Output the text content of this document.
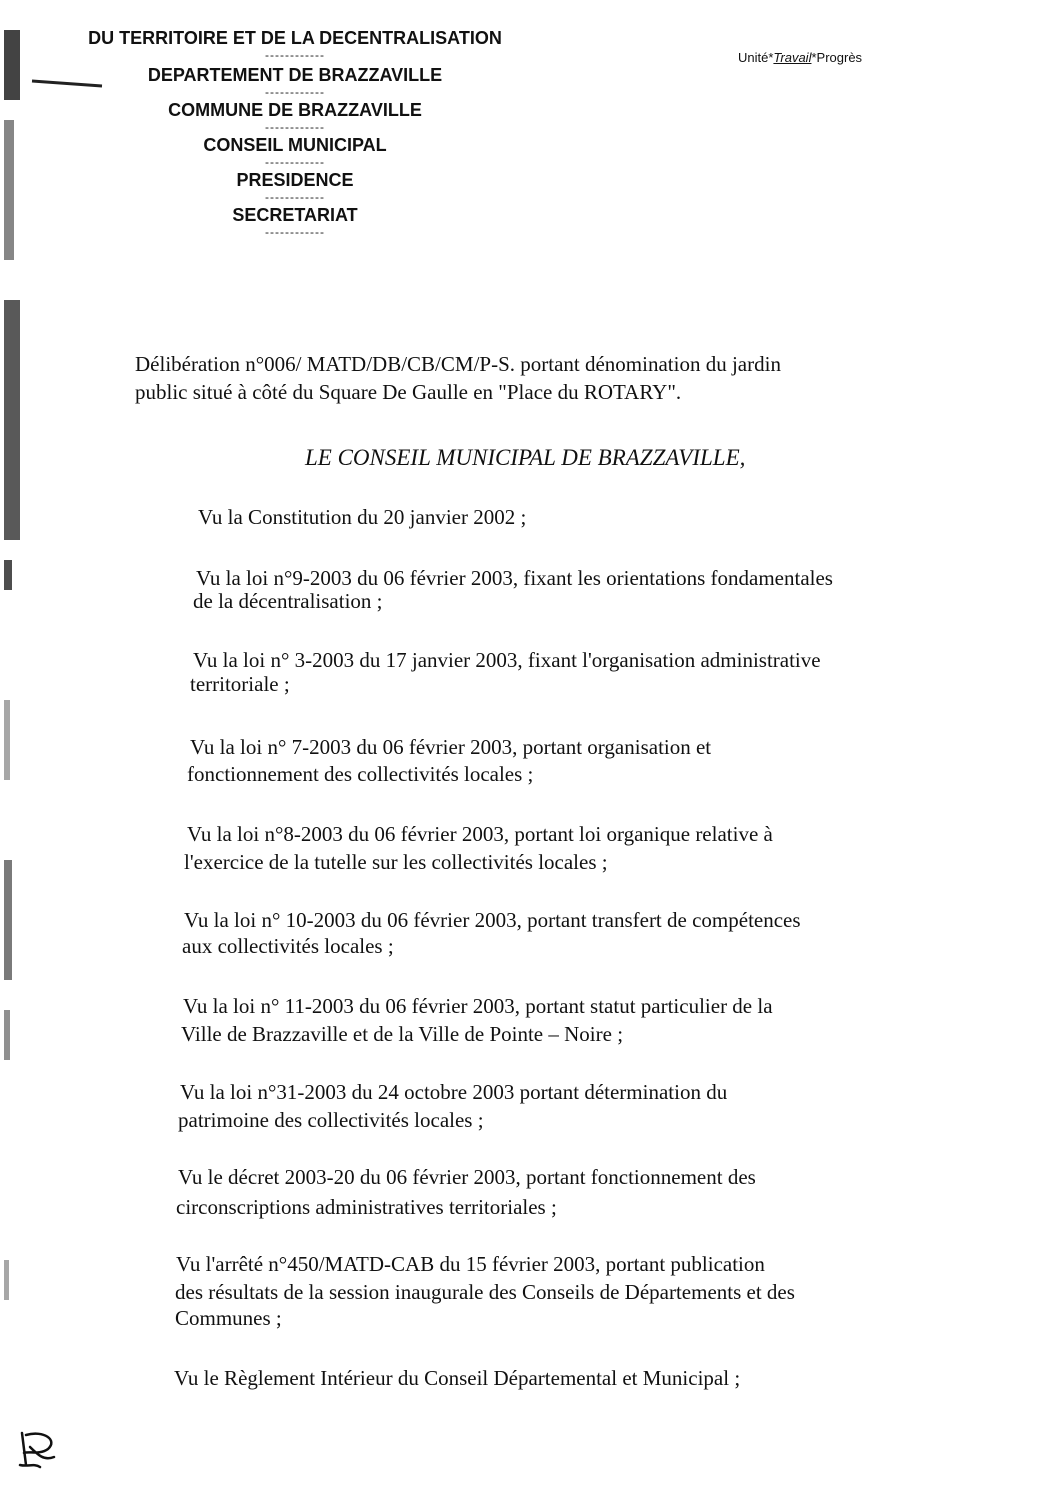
DU TERRITOIRE ET DE LA DECENTRALISATION
------------
DEPARTEMENT DE BRAZZAVILLE
------------
COMMUNE DE BRAZZAVILLE
------------
CONSEIL MUNICIPAL
------------
PRESIDENCE
------------
SECRETARIAT
------------
Unité*Travail*Progrès
Délibération n°006/ MATD/DB/CB/CM/P-S. portant dénomination du jardin
public situé à côté du Square De Gaulle en "Place du ROTARY".
LE CONSEIL MUNICIPAL DE BRAZZAVILLE,
Vu la Constitution du 20 janvier 2002 ;
Vu la loi n°9-2003 du 06 février 2003, fixant les orientations fondamentales
de la décentralisation ;
Vu la loi n° 3-2003 du 17 janvier 2003, fixant l'organisation administrative
territoriale ;
Vu la loi n° 7-2003 du 06 février 2003, portant organisation et
fonctionnement des collectivités locales ;
Vu la loi n°8-2003 du 06 février 2003, portant loi organique relative à
l'exercice de la tutelle sur les collectivités locales ;
Vu la loi n° 10-2003 du 06 février 2003, portant transfert de compétences
aux collectivités locales ;
Vu la loi n° 11-2003 du 06 février 2003, portant statut particulier de la
Ville de Brazzaville et de la Ville de Pointe – Noire ;
Vu la loi n°31-2003 du 24 octobre 2003 portant détermination du
patrimoine des collectivités locales ;
Vu le décret 2003-20 du 06 février 2003, portant fonctionnement des
circonscriptions administratives territoriales ;
Vu l'arrêté n°450/MATD-CAB du 15 février 2003, portant publication
des résultats de la session inaugurale des Conseils de Départements et des
Communes ;
Vu le Règlement Intérieur du Conseil Départemental et Municipal ;
